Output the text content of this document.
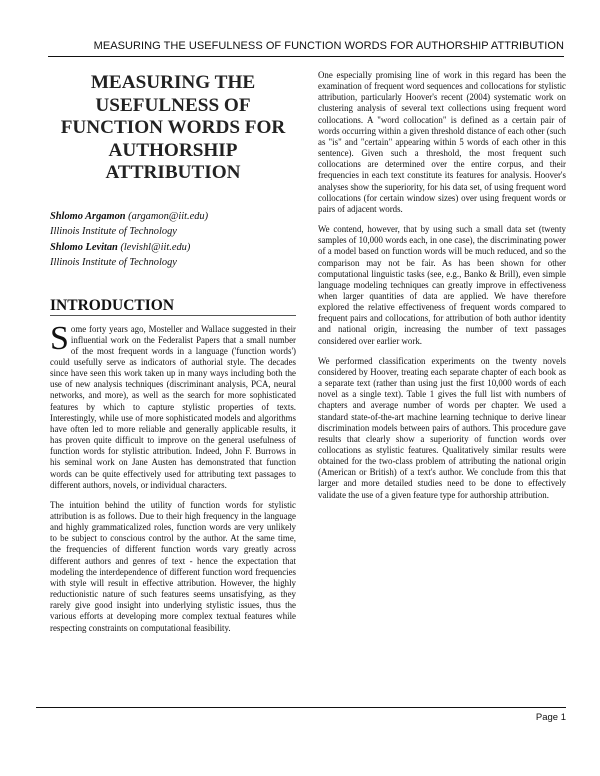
MEASURING THE USEFULNESS OF FUNCTION WORDS FOR AUTHORSHIP ATTRIBUTION
MEASURING THE
USEFULNESS OF
FUNCTION WORDS FOR
AUTHORSHIP
ATTRIBUTION

Shlomo Argamon (argamon@iit.edu)

Illinois Institute of Technology

Shlomo Levitan (levishl@iit.edu)

Illinois Institute of Technology

INTRODUCTION

Some forty years ago, Mosteller and Wallace suggested in their influential work on the Federalist Papers that a small number of the most frequent words in a language ('function words') could usefully serve as indicators of authorial style. The decades since have seen this work taken up in many ways including both the use of new analysis techniques (discriminant analysis, PCA, neural networks, and more), as well as the search for more sophisticated features by which to capture stylistic properties of texts. Interestingly, while use of more sophisticated models and algorithms have often led to more reliable and generally applicable results, it has proven quite difficult to improve on the general usefulness of function words for stylistic attribution. Indeed, John F. Burrows in his seminal work on Jane Austen has demonstrated that function words can be quite effectively used for attributing text passages to different authors, novels, or individual characters.

The intuition behind the utility of function words for stylistic attribution is as follows. Due to their high frequency in the language and highly grammaticalized roles, function words are very unlikely to be subject to conscious control by the author. At the same time, the frequencies of different function words vary greatly across different authors and genres of text - hence the expectation that modeling the interdependence of different function word frequencies with style will result in effective attribution. However, the highly reductionistic nature of such features seems unsatisfying, as they rarely give good insight into underlying stylistic issues, thus the various efforts at developing more complex textual features while respecting constraints on computational feasibility.

One especially promising line of work in this regard has been the examination of frequent word sequences and collocations for stylistic attribution, particularly Hoover's recent (2004) systematic work on clustering analysis of several text collections using frequent word collocations. A "word collocation" is defined as a certain pair of words occurring within a given threshold distance of each other (such as "is" and "certain" appearing within 5 words of each other in this sentence). Given such a threshold, the most frequent such collocations are determined over the entire corpus, and their frequencies in each text constitute its features for analysis. Hoover's analyses show the superiority, for his data set, of using frequent word collocations (for certain window sizes) over using frequent words or pairs of adjacent words.

We contend, however, that by using such a small data set (twenty samples of 10,000 words each, in one case), the discriminating power of a model based on function words will be much reduced, and so the comparison may not be fair. As has been shown for other computational linguistic tasks (see, e.g., Banko & Brill), even simple language modeling techniques can greatly improve in effectiveness when larger quantities of data are applied. We have therefore explored the relative effectiveness of frequent words compared to frequent pairs and collocations, for attribution of both author identity and national origin, increasing the number of text passages considered over earlier work.

We performed classification experiments on the twenty novels considered by Hoover, treating each separate chapter of each book as a separate text (rather than using just the first 10,000 words of each novel as a single text). Table 1 gives the full list with numbers of chapters and average number of words per chapter. We used a standard state-of-the-art machine learning technique to derive linear discrimination models between pairs of authors. This procedure gave results that clearly show a superiority of function words over collocations as stylistic features. Qualitatively similar results were obtained for the two-class problem of attributing the national origin (American or British) of a text's author. We conclude from this that larger and more detailed studies need to be done to effectively validate the use of a given feature type for authorship attribution.

Page 1
